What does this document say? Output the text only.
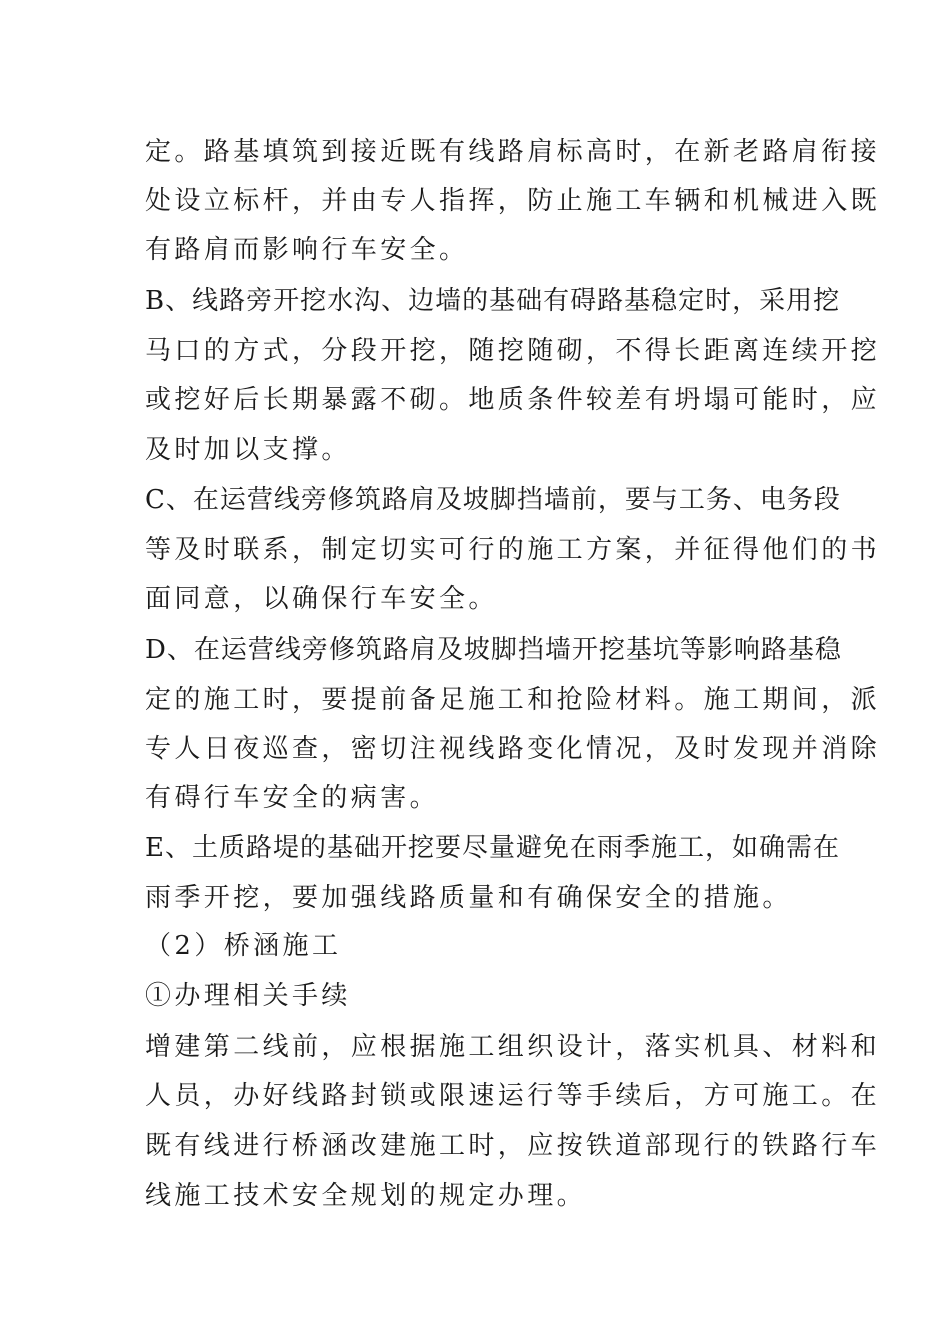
定。路基填筑到接近既有线路肩标高时，在新老路肩衔接
处设立标杆，并由专人指挥，防止施工车辆和机械进入既
有路肩而影响行车安全。
B、线路旁开挖水沟、边墙的基础有碍路基稳定时，采用挖
马口的方式，分段开挖，随挖随砌，不得长距离连续开挖
或挖好后长期暴露不砌。地质条件较差有坍塌可能时，应
及时加以支撑。
C、在运营线旁修筑路肩及坡脚挡墙前，要与工务、电务段
等及时联系，制定切实可行的施工方案，并征得他们的书
面同意，以确保行车安全。
D、在运营线旁修筑路肩及坡脚挡墙开挖基坑等影响路基稳
定的施工时，要提前备足施工和抢险材料。施工期间，派
专人日夜巡查，密切注视线路变化情况，及时发现并消除
有碍行车安全的病害。
E、土质路堤的基础开挖要尽量避免在雨季施工，如确需在
雨季开挖，要加强线路质量和有确保安全的措施。
（2）桥涵施工
①办理相关手续
增建第二线前，应根据施工组织设计，落实机具、材料和
人员，办好线路封锁或限速运行等手续后，方可施工。在
既有线进行桥涵改建施工时，应按铁道部现行的铁路行车
线施工技术安全规划的规定办理。
